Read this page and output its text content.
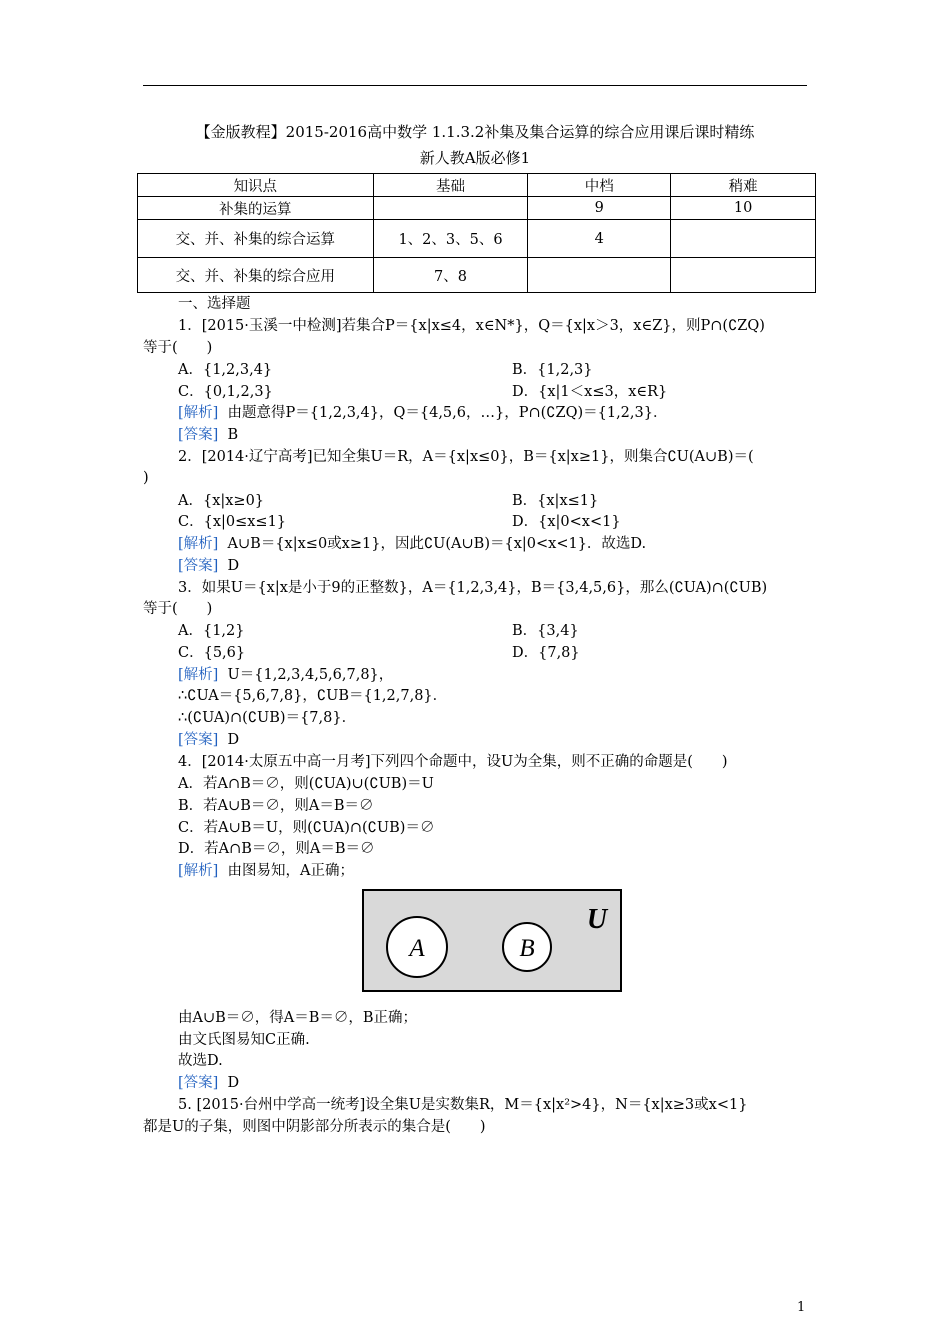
【金版教程】2015-2016高中数学 1.1.3.2补集及集合运算的综合应用课后课时精练
新人教A版必修1
知识点	基础	中档	稍难
补集的运算		9	10
交、并、补集的综合运算	1、2、3、5、6	4	
交、并、补集的综合应用	7、8		
一、选择题
1．[2015·玉溪一中检测]若集合P＝{x|x≤4，x∈N*}，Q＝{x|x＞3，x∈Z}，则P∩(∁ZQ)
等于(　　)
A．{1,2,3,4}	B．{1,2,3}
C．{0,1,2,3}	D．{x|1＜x≤3，x∈R}
[解析] 由题意得P＝{1,2,3,4}，Q＝{4,5,6，…}，P∩(∁ZQ)＝{1,2,3}．
[答案] B
2．[2014·辽宁高考]已知全集U＝R，A＝{x|x≤0}，B＝{x|x≥1}，则集合∁U(A∪B)＝(
)
A．{x|x≥0}	B．{x|x≤1}
C．{x|0≤x≤1}	D．{x|0<x<1}
[解析] A∪B＝{x|x≤0或x≥1}，因此∁U(A∪B)＝{x|0<x<1}．故选D.
[答案] D
3．如果U＝{x|x是小于9的正整数}，A＝{1,2,3,4}，B＝{3,4,5,6}，那么(∁UA)∩(∁UB)
等于(　　)
A．{1,2}	B．{3,4}
C．{5,6}	D．{7,8}
[解析] U＝{1,2,3,4,5,6,7,8}，
∴∁UA＝{5,6,7,8}，∁UB＝{1,2,7,8}．
∴(∁UA)∩(∁UB)＝{7,8}．
[答案] D
4．[2014·太原五中高一月考]下列四个命题中，设U为全集，则不正确的命题是(　　)
A．若A∩B＝∅，则(∁UA)∪(∁UB)＝U
B．若A∪B＝∅，则A＝B＝∅
C．若A∪B＝U，则(∁UA)∩(∁UB)＝∅
D．若A∩B＝∅，则A＝B＝∅
[解析] 由图易知，A正确；
A	B
U
由A∪B＝∅，得A＝B＝∅，B正确；
由文氏图易知C正确.
故选D.
[答案] D
5. [2015·台州中学高一统考]设全集U是实数集R，M＝{x|x²>4}，N＝{x|x≥3或x<1}
都是U的子集，则图中阴影部分所表示的集合是(　　)
1
